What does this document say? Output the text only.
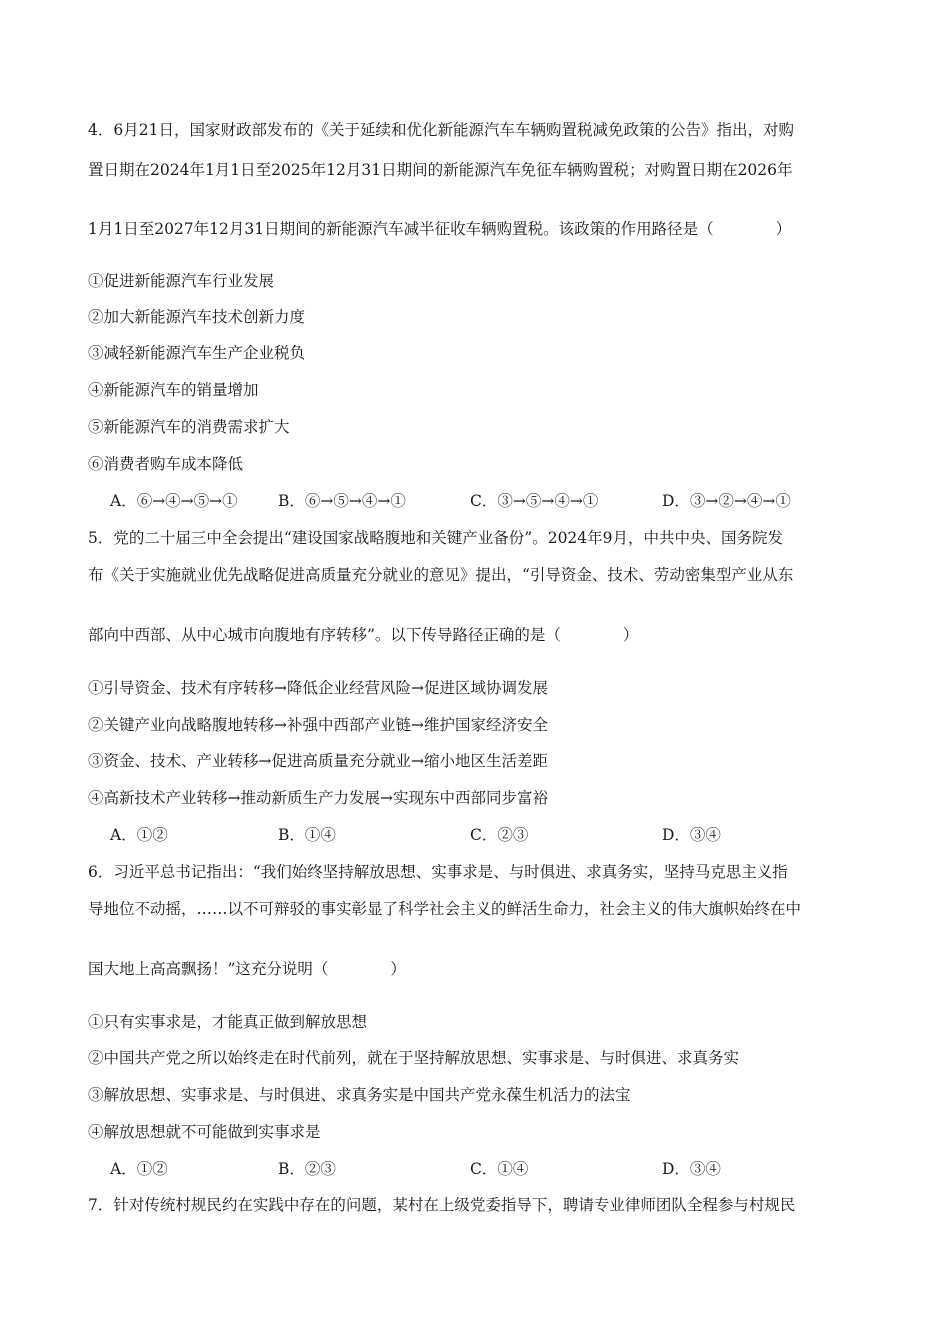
4．6月21日，国家财政部发布的《关于延续和优化新能源汽车车辆购置税减免政策的公告》指出，对购
置日期在2024年1月1日至2025年12月31日期间的新能源汽车免征车辆购置税；对购置日期在2026年
1月1日至2027年12月31日期间的新能源汽车减半征收车辆购置税。该政策的作用路径是（　　　　）
①促进新能源汽车行业发展
②加大新能源汽车技术创新力度
③减轻新能源汽车生产企业税负
④新能源汽车的销量增加
⑤新能源汽车的消费需求扩大
⑥消费者购车成本降低
A．⑥→④→⑤→①	B．⑥→⑤→④→①	C．③→⑤→④→①	D．③→②→④→①
5．党的二十届三中全会提出“建设国家战略腹地和关键产业备份”。2024年9月，中共中央、国务院发
布《关于实施就业优先战略促进高质量充分就业的意见》提出，“引导资金、技术、劳动密集型产业从东
部向中西部、从中心城市向腹地有序转移”。以下传导路径正确的是（　　　　）
①引导资金、技术有序转移→降低企业经营风险→促进区域协调发展
②关键产业向战略腹地转移→补强中西部产业链→维护国家经济安全
③资金、技术、产业转移→促进高质量充分就业→缩小地区生活差距
④高新技术产业转移→推动新质生产力发展→实现东中西部同步富裕
A．①②	B．①④	C．②③	D．③④
6．习近平总书记指出：“我们始终坚持解放思想、实事求是、与时俱进、求真务实，坚持马克思主义指
导地位不动摇，……以不可辩驳的事实彰显了科学社会主义的鲜活生命力，社会主义的伟大旗帜始终在中
国大地上高高飘扬！”这充分说明（　　　　）
①只有实事求是，才能真正做到解放思想
②中国共产党之所以始终走在时代前列，就在于坚持解放思想、实事求是、与时俱进、求真务实
③解放思想、实事求是、与时俱进、求真务实是中国共产党永葆生机活力的法宝
④解放思想就不可能做到实事求是
A．①②	B．②③	C．①④	D．③④
7．针对传统村规民约在实践中存在的问题，某村在上级党委指导下，聘请专业律师团队全程参与村规民
